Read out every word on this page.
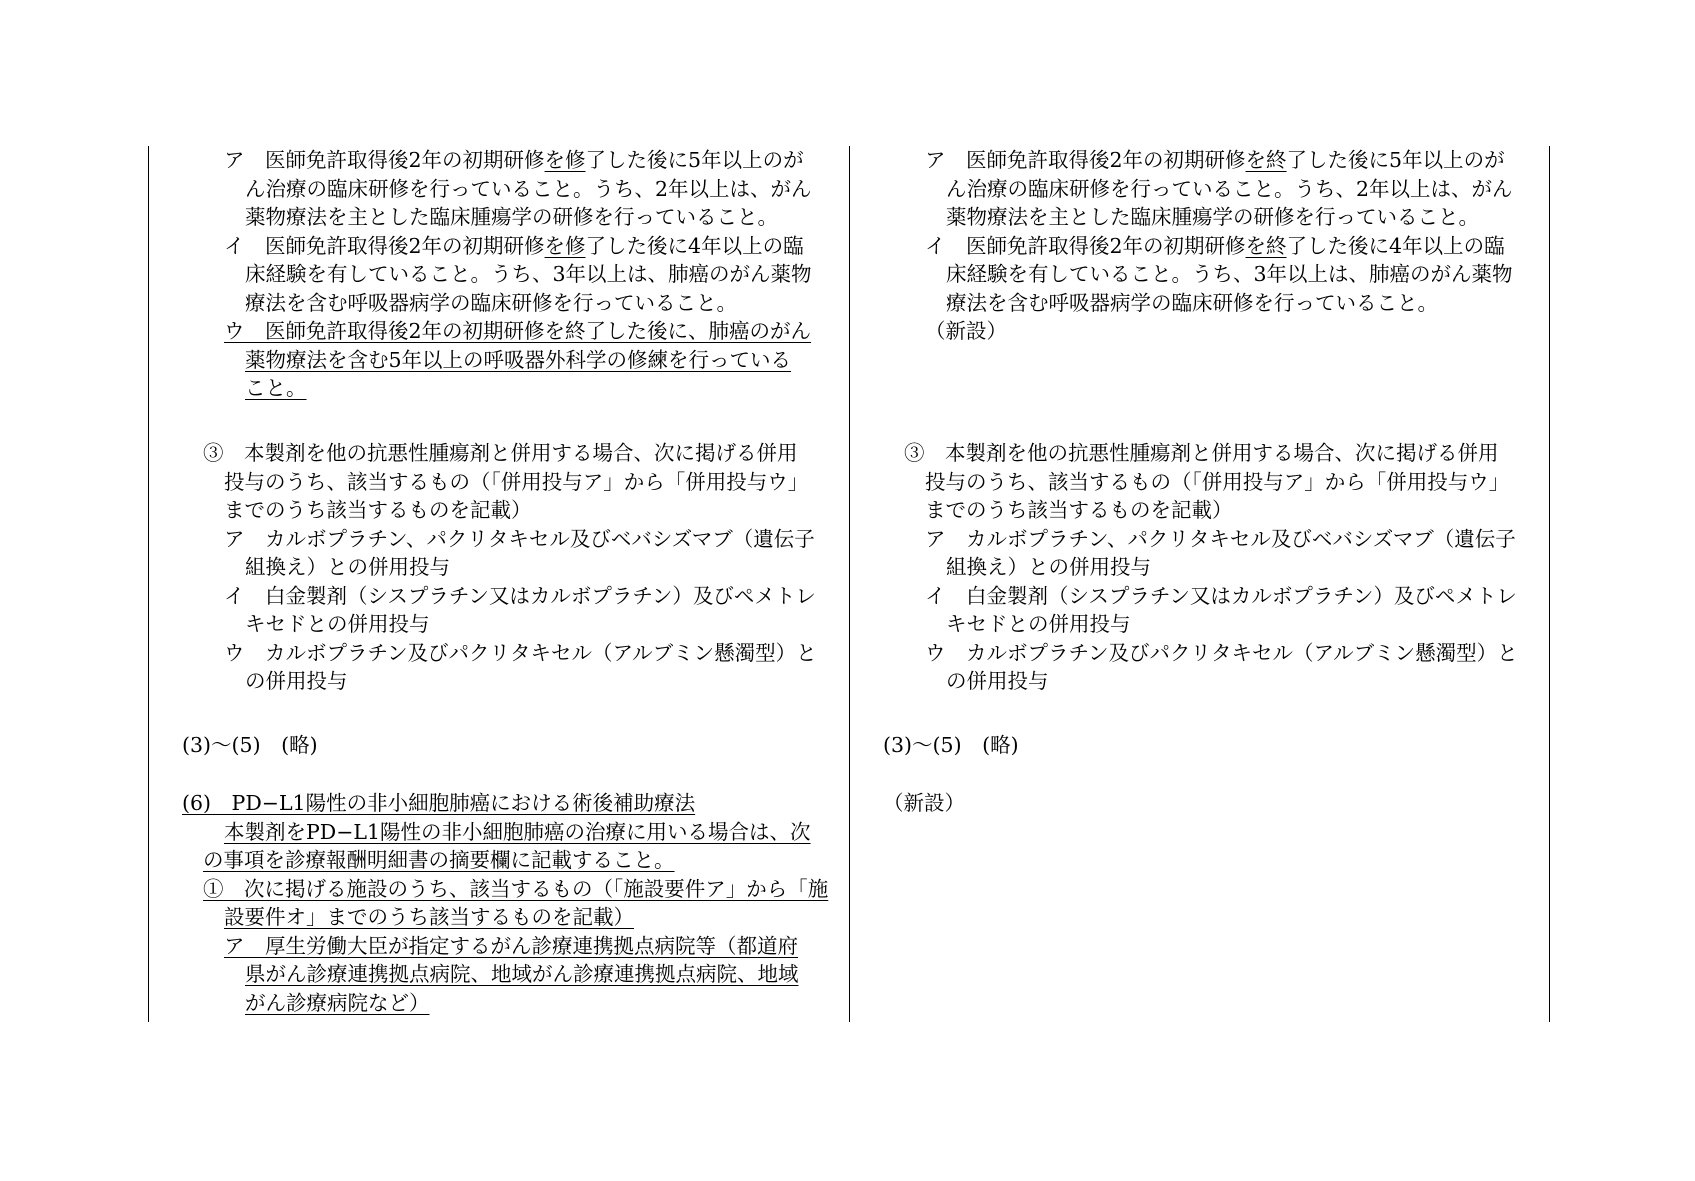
ア　医師免許取得後2年の初期研修を修了した後に5年以上のが
ん治療の臨床研修を行っていること。うち、2年以上は、がん
薬物療法を主とした臨床腫瘍学の研修を行っていること。
イ　医師免許取得後2年の初期研修を修了した後に4年以上の臨
床経験を有していること。うち、3年以上は、肺癌のがん薬物
療法を含む呼吸器病学の臨床研修を行っていること。
ウ　医師免許取得後2年の初期研修を終了した後に、肺癌のがん
薬物療法を含む5年以上の呼吸器外科学の修練を行っている
こと。
③　本製剤を他の抗悪性腫瘍剤と併用する場合、次に掲げる併用
投与のうち、該当するもの（「併用投与ア」から「併用投与ウ」
までのうち該当するものを記載）
ア　カルボプラチン、パクリタキセル及びベバシズマブ（遺伝子
組換え）との併用投与
イ　白金製剤（シスプラチン又はカルボプラチン）及びペメトレ
キセドとの併用投与
ウ　カルボプラチン及びパクリタキセル（アルブミン懸濁型）と
の併用投与
(3)～(5)　(略)
(6)　PD−L1陽性の非小細胞肺癌における術後補助療法
本製剤をPD−L1陽性の非小細胞肺癌の治療に用いる場合は、次
の事項を診療報酬明細書の摘要欄に記載すること。
①　次に掲げる施設のうち、該当するもの（「施設要件ア」から「施
設要件オ」までのうち該当するものを記載）
ア　厚生労働大臣が指定するがん診療連携拠点病院等（都道府
県がん診療連携拠点病院、地域がん診療連携拠点病院、地域
がん診療病院など）
ア　医師免許取得後2年の初期研修を終了した後に5年以上のが
ん治療の臨床研修を行っていること。うち、2年以上は、がん
薬物療法を主とした臨床腫瘍学の研修を行っていること。
イ　医師免許取得後2年の初期研修を終了した後に4年以上の臨
床経験を有していること。うち、3年以上は、肺癌のがん薬物
療法を含む呼吸器病学の臨床研修を行っていること。
（新設）
③　本製剤を他の抗悪性腫瘍剤と併用する場合、次に掲げる併用
投与のうち、該当するもの（「併用投与ア」から「併用投与ウ」
までのうち該当するものを記載）
ア　カルボプラチン、パクリタキセル及びベバシズマブ（遺伝子
組換え）との併用投与
イ　白金製剤（シスプラチン又はカルボプラチン）及びペメトレ
キセドとの併用投与
ウ　カルボプラチン及びパクリタキセル（アルブミン懸濁型）と
の併用投与
(3)～(5)　(略)
（新設）
